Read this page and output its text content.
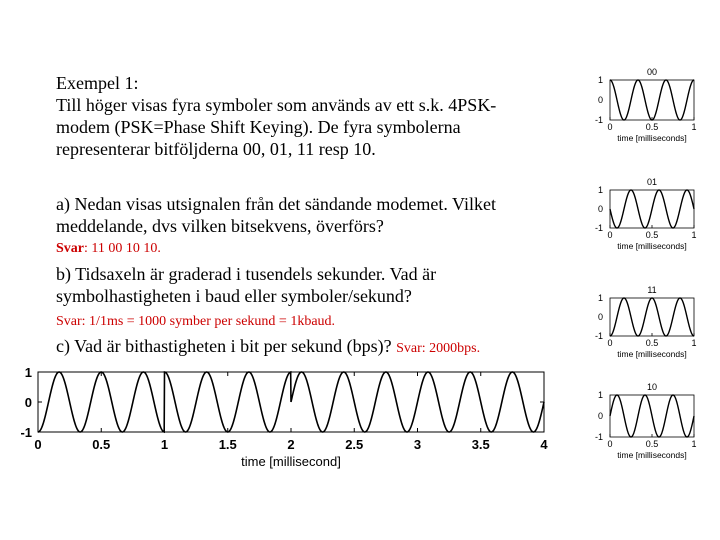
Exempel 1:
Till höger visas fyra symboler som används av ett s.k. 4PSK-
modem (PSK=Phase Shift Keying). De fyra symbolerna
representerar bitföljderna 00, 01, 11 resp 10.
a) Nedan visas utsignalen från det sändande modemet. Vilket
meddelande, dvs vilken bitsekvens, överförs?
Svar: 11 00 10 10.
b) Tidsaxeln är graderad i tusendels sekunder. Vad är
symbolhastigheten i baud eller symboler/sekund?
Svar: 1/1ms = 1000 symber per sekund = 1kbaud.
c) Vad är bithastigheten i bit per sekund (bps)? Svar: 2000bps.
0	0.5	1	1.5	2	2.5	3	3.5	4
1
0
-1
time [millisecond]
00
0	0.5	1
1
0
-1
time [milliseconds]
01
0	0.5	1
1
0
-1
time [milliseconds]
11
0	0.5	1
1
0
-1
time [milliseconds]
10
0	0.5	1
1
0
-1
time [milliseconds]
